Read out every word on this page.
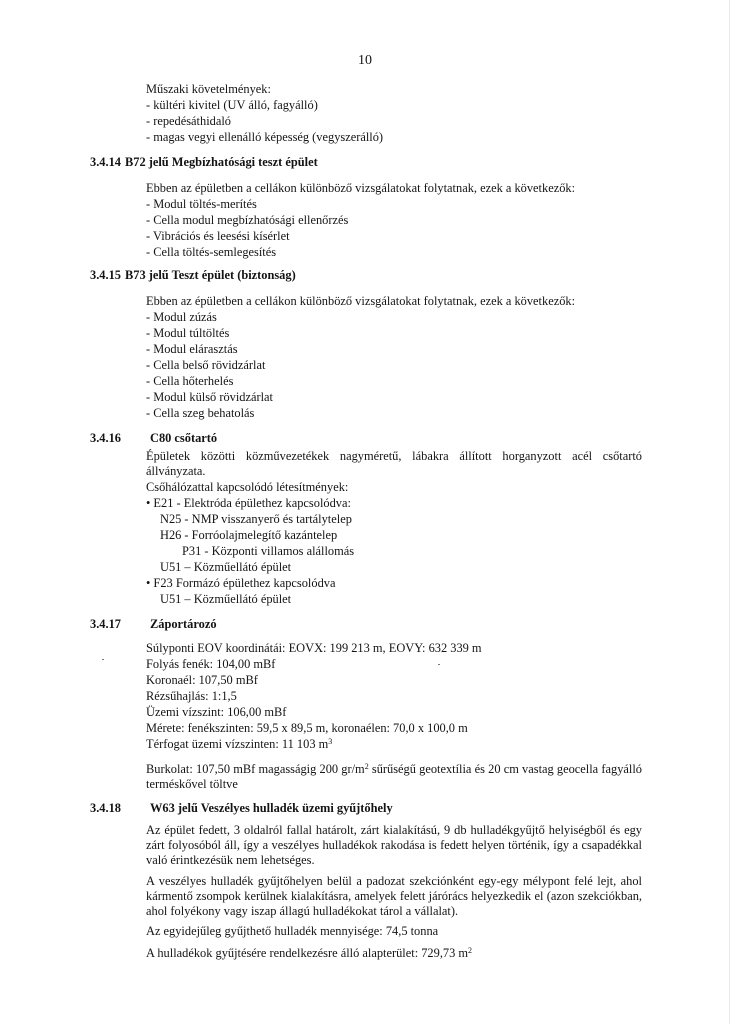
10
Műszaki követelmények:
- kültéri kivitel (UV álló, fagyálló)
- repedésáthidaló
- magas vegyi ellenálló képesség (vegyszerálló)
3.4.14 B72 jelű Megbízhatósági teszt épület
Ebben az épületben a cellákon különböző vizsgálatokat folytatnak, ezek a következők:
- Modul töltés-merítés
- Cella modul megbízhatósági ellenőrzés
- Vibrációs és leesési kísérlet
- Cella töltés-semlegesítés
3.4.15 B73 jelű Teszt épület (biztonság)
Ebben az épületben a cellákon különböző vizsgálatokat folytatnak, ezek a következők:
- Modul zúzás
- Modul túltöltés
- Modul elárasztás
- Cella belső rövidzárlat
- Cella hőterhelés
- Modul külső rövidzárlat
- Cella szeg behatolás
3.4.16 C80 csőtartó
Épületek közötti közművezetékek nagyméretű, lábakra állított horganyzott acél csőtartó állványzata.
Csőhálózattal kapcsolódó létesítmények:
• E21 - Elektróda épülethez kapcsolódva:
N25 - NMP visszanyerő és tartálytelep
H26 - Forróolajmelegítő kazántelep
P31 - Központi villamos alállomás
U51 – Közműellátó épület
• F23 Formázó épülethez kapcsolódva
U51 – Közműellátó épület
3.4.17 Záportározó
Súlyponti EOV koordinátái: EOVX: 199 213 m, EOVY: 632 339 m
Folyás fenék: 104,00 mBf
Koronaél: 107,50 mBf
Rézsűhajlás: 1:1,5
Üzemi vízszint: 106,00 mBf
Mérete: fenékszinten: 59,5 x 89,5 m, koronaélen: 70,0 x 100,0 m
Térfogat üzemi vízszinten: 11 103 $m^3$
Burkolat: 107,50 mBf magasságig 200 $gr/m^2$ sűrűségű geotextília és 20 cm vastag geocella fagyálló terméskővel töltve
3.4.18 W63 jelű Veszélyes hulladék üzemi gyűjtőhely
Az épület fedett, 3 oldalról fallal határolt, zárt kialakítású, 9 db hulladékgyűjtő helyiségből és egy zárt folyosóból áll, így a veszélyes hulladékok rakodása is fedett helyen történik, így a csapadékkal való érintkezésük nem lehetséges.
A veszélyes hulladék gyűjtőhelyen belül a padozat szekciónként egy-egy mélypont felé lejt, ahol kármentő zsompok kerülnek kialakításra, amelyek felett járórács helyezkedik el (azon szekciókban, ahol folyékony vagy iszap állagú hulladékokat tárol a vállalat).
Az egyidejűleg gyűjthető hulladék mennyisége: 74,5 tonna
A hulladékok gyűjtésére rendelkezésre álló alapterület: 729,73 $m^2$
